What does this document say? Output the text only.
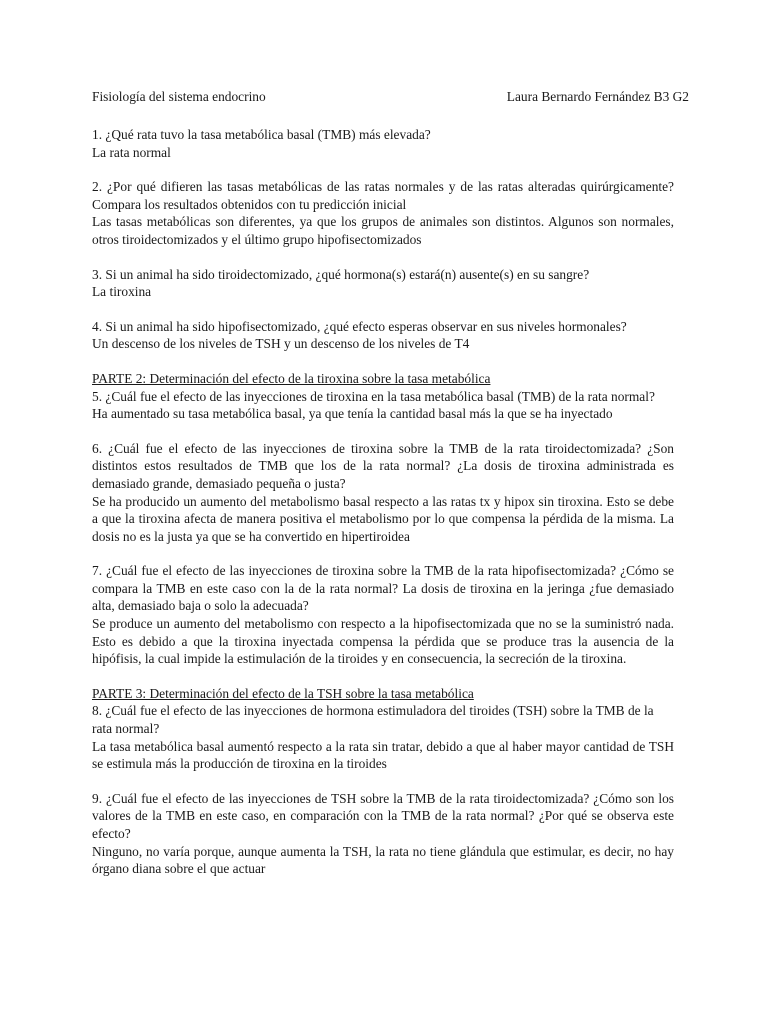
Fisiología del sistema endocrino	Laura Bernardo Fernández B3 G2

1. ¿Qué rata tuvo la tasa metabólica basal (TMB) más elevada?

La rata normal

2. ¿Por qué difieren las tasas metabólicas de las ratas normales y de las ratas alteradas quirúrgicamente? Compara los resultados obtenidos con tu predicción inicial

Las tasas metabólicas son diferentes, ya que los grupos de animales son distintos. Algunos son normales, otros tiroidectomizados y el último grupo hipofisectomizados

3. Si un animal ha sido tiroidectomizado, ¿qué hormona(s) estará(n) ausente(s) en su sangre?

La tiroxina

4. Si un animal ha sido hipofisectomizado, ¿qué efecto esperas observar en sus niveles hormonales?

Un descenso de los niveles de TSH y un descenso de los niveles de T4

PARTE 2: Determinación del efecto de la tiroxina sobre la tasa metabólica

5. ¿Cuál fue el efecto de las inyecciones de tiroxina en la tasa metabólica basal (TMB) de la rata normal?

Ha aumentado su tasa metabólica basal, ya que tenía la cantidad basal más la que se ha inyectado

6. ¿Cuál fue el efecto de las inyecciones de tiroxina sobre la TMB de la rata tiroidectomizada? ¿Son distintos estos resultados de TMB que los de la rata normal? ¿La dosis de tiroxina administrada es demasiado grande, demasiado pequeña o justa?

Se ha producido un aumento del metabolismo basal respecto a las ratas tx y hipox sin tiroxina. Esto se debe a que la tiroxina afecta de manera positiva el metabolismo por lo que compensa la pérdida de la misma. La dosis no es la justa ya que se ha convertido en hipertiroidea

7. ¿Cuál fue el efecto de las inyecciones de tiroxina sobre la TMB de la rata hipofisectomizada? ¿Cómo se compara la TMB en este caso con la de la rata normal? La dosis de tiroxina en la jeringa ¿fue demasiado alta, demasiado baja o solo la adecuada?

Se produce un aumento del metabolismo con respecto a la hipofisectomizada que no se la suministró nada. Esto es debido a que la tiroxina inyectada compensa la pérdida que se produce tras la ausencia de la hipófisis, la cual impide la estimulación de la tiroides y en consecuencia, la secreción de la tiroxina.

PARTE 3: Determinación del efecto de la TSH sobre la tasa metabólica

8. ¿Cuál fue el efecto de las inyecciones de hormona estimuladora del tiroides (TSH) sobre la TMB de la rata normal?

La tasa metabólica basal aumentó respecto a la rata sin tratar, debido a que al haber mayor cantidad de TSH se estimula más la producción de tiroxina en la tiroides

9. ¿Cuál fue el efecto de las inyecciones de TSH sobre la TMB de la rata tiroidectomizada? ¿Cómo son los valores de la TMB en este caso, en comparación con la TMB de la rata normal? ¿Por qué se observa este efecto?

Ninguno, no varía porque, aunque aumenta la TSH, la rata no tiene glándula que estimular, es decir, no hay órgano diana sobre el que actuar
